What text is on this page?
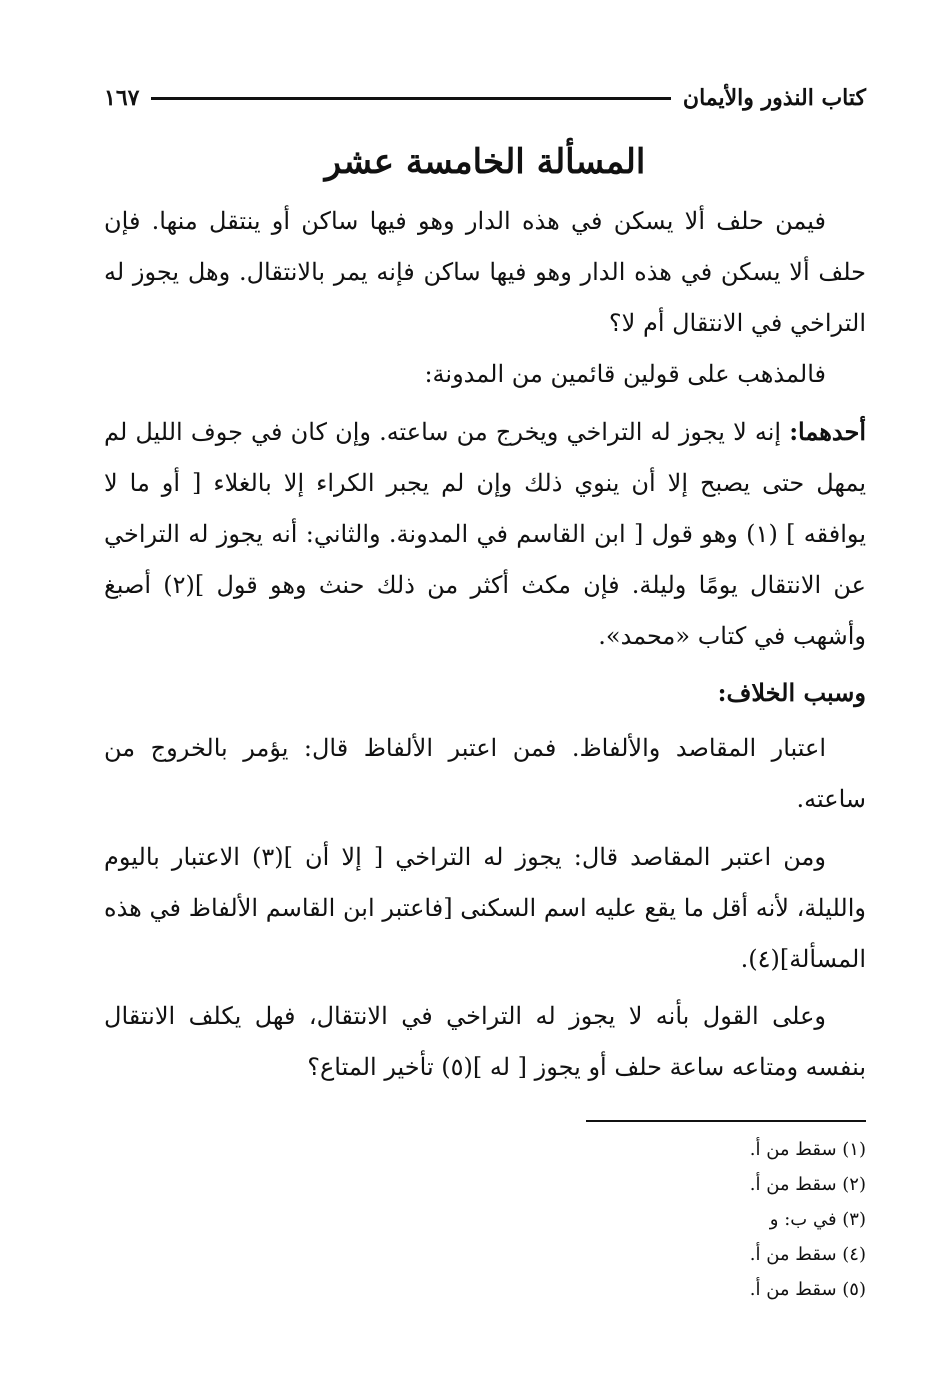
كتاب النذور والأيمان
١٦٧
المسألة الخامسة عشر

فيمن حلف ألا يسكن في هذه الدار وهو فيها ساكن أو ينتقل منها. فإن حلف ألا يسكن في هذه الدار وهو فيها ساكن فإنه يمر بالانتقال. وهل يجوز له التراخي في الانتقال أم لا؟

فالمذهب على قولين قائمين من المدونة:

أحدهما: إنه لا يجوز له التراخي ويخرج من ساعته. وإن كان في جوف الليل لم يمهل حتى يصبح إلا أن ينوي ذلك وإن لم يجبر الكراء إلا بالغلاء [ أو ما لا يوافقه ] (١) وهو قول [ ابن القاسم في المدونة. والثاني: أنه يجوز له التراخي عن الانتقال يومًا وليلة. فإن مكث أكثر من ذلك حنث وهو قول ](٢) أصبغ وأشهب في كتاب «محمد».

وسبب الخلاف:

اعتبار المقاصد والألفاظ. فمن اعتبر الألفاظ قال: يؤمر بالخروج من ساعته.

ومن اعتبر المقاصد قال: يجوز له التراخي [ إلا أن ](٣) الاعتبار باليوم والليلة، لأنه أقل ما يقع عليه اسم السكنى [فاعتبر ابن القاسم الألفاظ في هذه المسألة](٤).

وعلى القول بأنه لا يجوز له التراخي في الانتقال، فهل يكلف الانتقال بنفسه ومتاعه ساعة حلف أو يجوز [ له ](٥) تأخير المتاع؟

(١) سقط من أ.
(٢) سقط من أ.
(٣) في ب: و
(٤) سقط من أ.
(٥) سقط من أ.
